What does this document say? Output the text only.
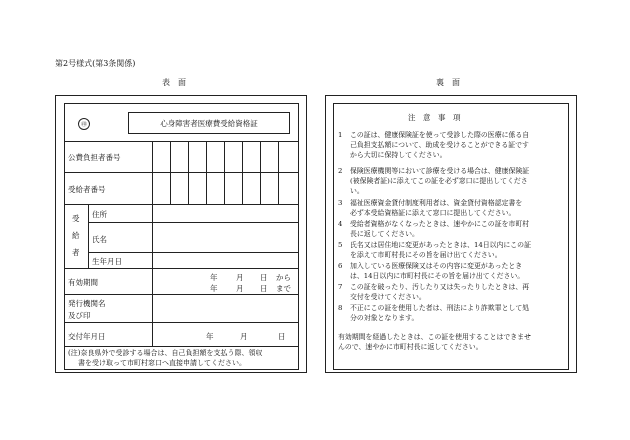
第2号様式(第3条関係)
表　面	裏　面
㊞	心身障害者医療費受給資格証
公費負担者番号
受給者番号
受給者
住所
氏名
生年月日
有効期間
年 月 日 から
年 月 日 まで
発行機関名
及び印
交付年月日	年	月	日
(注)奈良県外で受診する場合は、自己負担額を支払う際、領収
書を受け取って市町村窓口へ直接申請してください。
注　意　事　項
1	この証は、健康保険証を使って受診した際の医療に係る自
己負担支払額について、助成を受けることができる証です
から大切に保持してください。
2	保険医療機関等において診療を受ける場合は、健康保険証
(被保険者証)に添えてこの証を必ず窓口に提出してくださ
い。
3	福祉医療資金貸付制度利用者は、資金貸付資格認定書を
必ず本受給資格証に添えて窓口に提出してください。
4	受給者資格がなくなったときは、速やかにこの証を市町村
長に返してください。
5	氏名又は居住地に変更があったときは、14日以内にこの証
を添えて市町村長にその旨を届け出てください。
6	加入している医療保険又はその内容に変更があったとき
は、14日以内に市町村長にその旨を届け出てください。
7	この証を破ったり、汚したり又は失ったりしたときは、再
交付を受けてください。
8	不正にこの証を使用した者は、刑法により詐欺罪として処
分の対象となります。
有効期間を経過したときは、この証を使用することはできませ
んので、速やかに市町村長に返してください。
